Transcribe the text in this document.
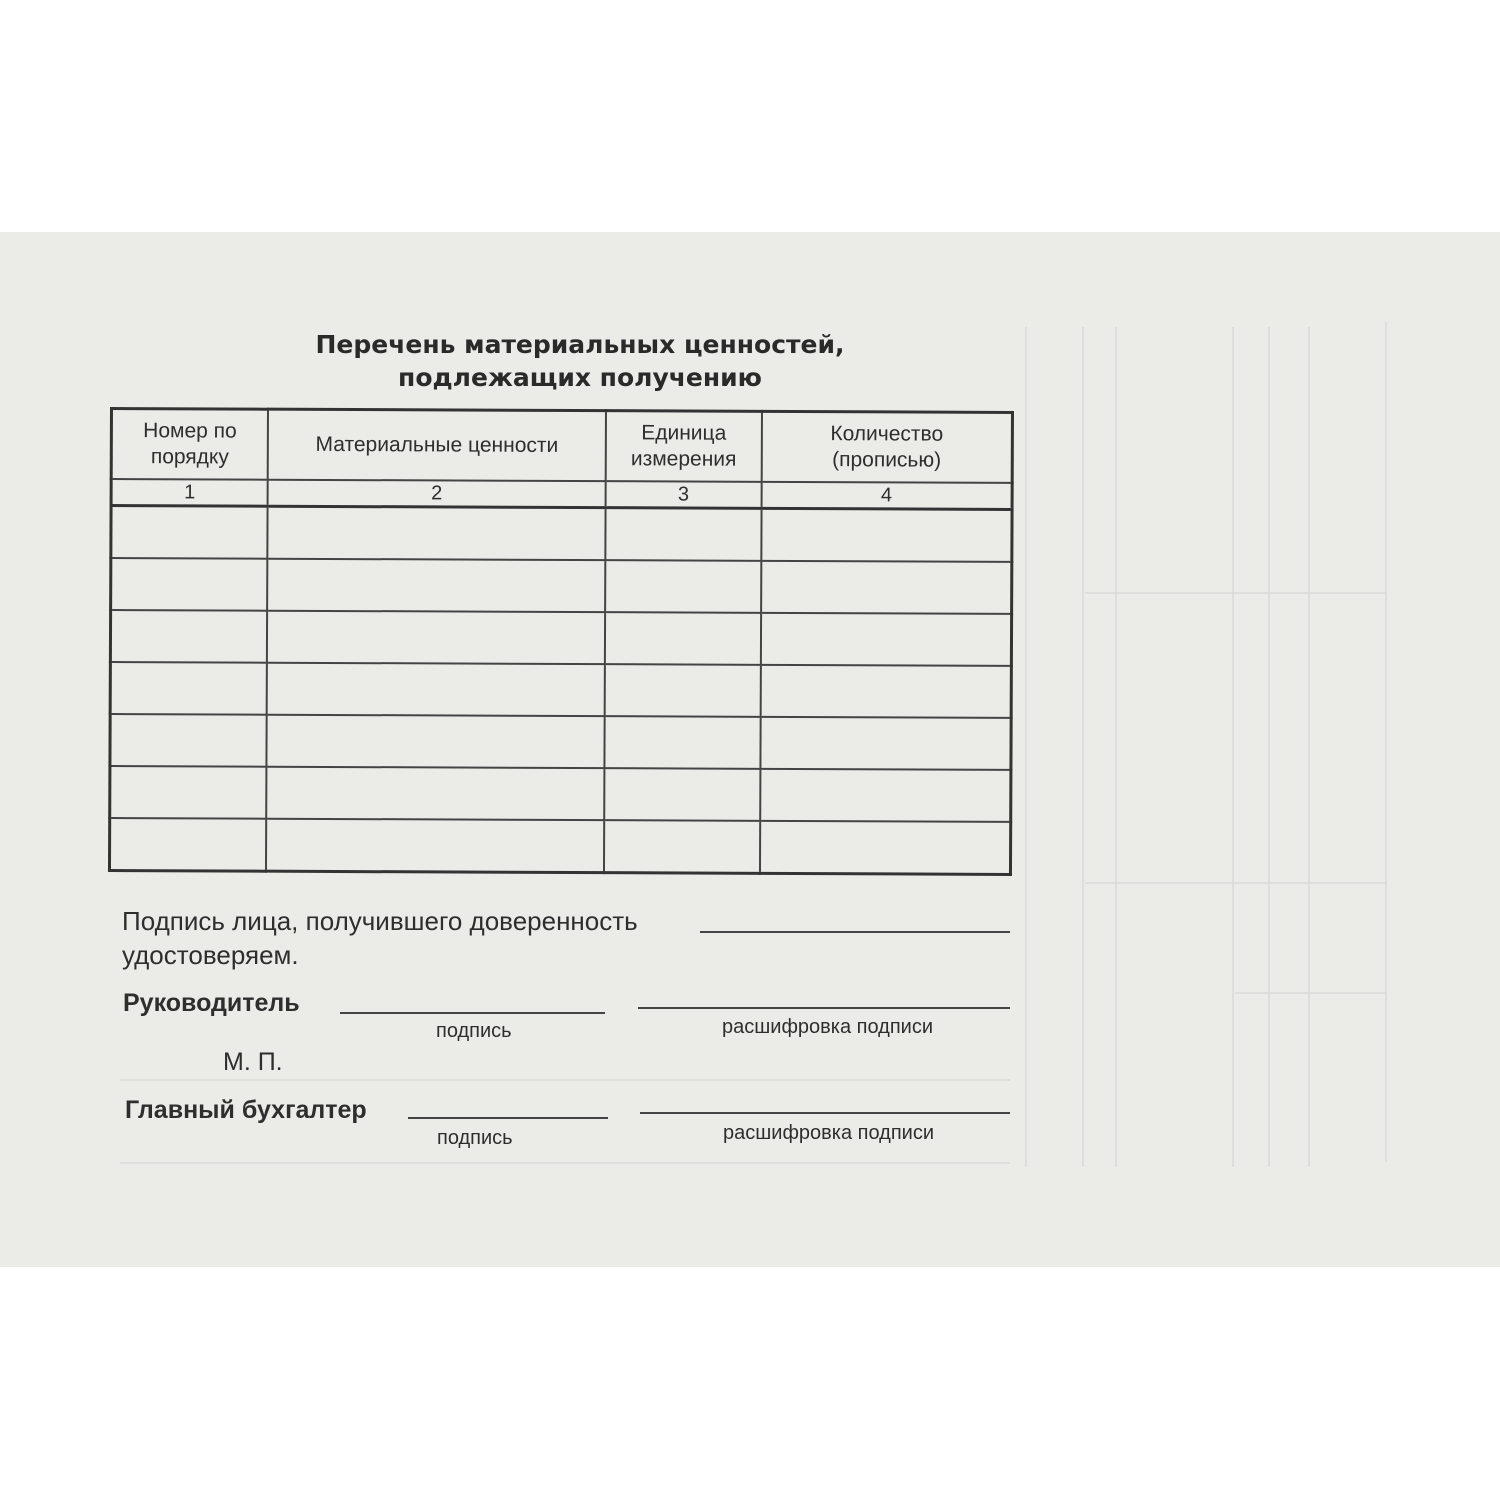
Перечень материальных ценностей,
подлежащих получению
Номер по порядку	Материальные ценности	Единица измерения	Количество (прописью)
1	2	3	4

Подпись лица, получившего доверенность
удостоверяем.
Руководитель
подпись	расшифровка подписи
М. П.
Главный бухгалтер
подпись	расшифровка подписи
